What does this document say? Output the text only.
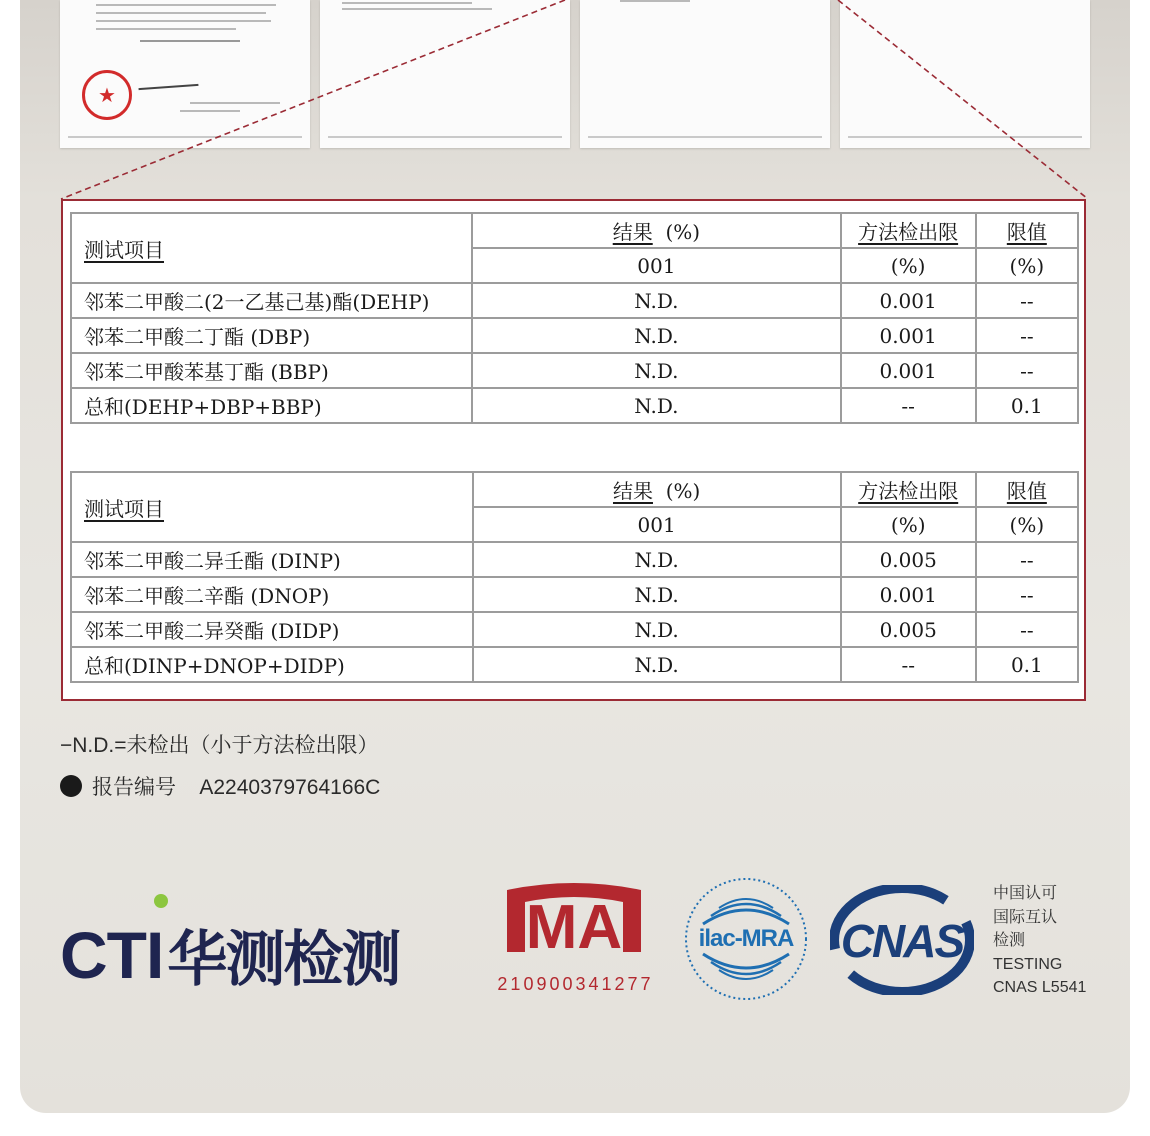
★
测试项目	结果 (%)	方法检出限	限值
	001	(%)	(%)
邻苯二甲酸二(2一乙基己基)酯(DEHP)	N.D.	0.001	--
邻苯二甲酸二丁酯 (DBP)	N.D.	0.001	--
邻苯二甲酸苯基丁酯 (BBP)	N.D.	0.001	--
总和(DEHP+DBP+BBP)	N.D.	--	0.1
测试项目	结果 (%)	方法检出限	限值
	001	(%)	(%)
邻苯二甲酸二异壬酯 (DINP)	N.D.	0.005	--
邻苯二甲酸二辛酯 (DNOP)	N.D.	0.001	--
邻苯二甲酸二异癸酯 (DIDP)	N.D.	0.005	--
总和(DINP+DNOP+DIDP)	N.D.	--	0.1
−N.D.=未检出（小于方法检出限）
报告编号 A2240379764166C
CTI华测检测 MA
210900341277
ilac-MRA CNAS
中国认可
国际互认
检测
TESTING
CNAS L5541
